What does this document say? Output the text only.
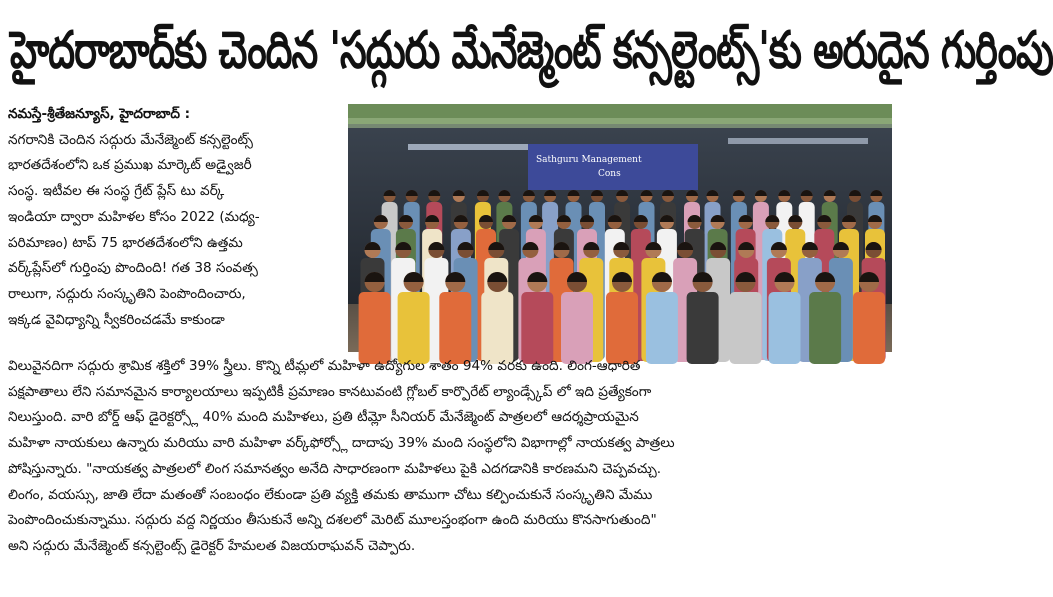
హైదరాబాద్‌కు చెందిన 'సద్గురు మేనేజ్మెంట్ కన్సల్టెంట్స్'కు అరుదైన గుర్తింపు

నమస్తే-శ్రీతేజన్యూస్, హైదరాబాద్ :

నగరానికి చెందిన సద్గురు మేనేజ్మెంట్ కన్సల్టెంట్స్

భారతదేశంలోని ఒక ప్రముఖ మార్కెట్ అడ్వైజరీ

సంస్థ. ఇటీవల ఈ సంస్థ గ్రేట్ ప్లేస్ టు వర్క్

ఇండియా ద్వారా మహిళల కోసం 2022 (మధ్య-

పరిమాణం) టాప్ 75 భారతదేశంలోని ఉత్తమ

వర్క్‌ప్లేస్‌లో గుర్తింపు పొందింది! గత 38 సంవత్స

రాలుగా, సద్గురు సంస్కృతిని పెంపొందించారు,

ఇక్కడ వైవిధ్యాన్ని స్వీకరించడమే కాకుండా

Sathguru Management
Cons

విలువైనదిగా సద్గురు శ్రామిక శక్తిలో 39% స్త్రీలు. కొన్ని టీమ్లలో మహిళా ఉద్యోగుల శాతం 94% వరకు ఉంది. లింగ-ఆధారిత

పక్షపాతాలు లేని సమానమైన కార్యాలయాలు ఇప్పటికీ ప్రమాణం కానటువంటి గ్లోబల్ కార్పొరేట్ ల్యాండ్స్కేప్ లో ఇది ప్రత్యేకంగా

నిలుస్తుంది. వారి బోర్డ్ ఆఫ్ డైరెక్టర్స్లో 40% మంది మహిళలు, ప్రతి టీమ్లో సీనియర్ మేనేజ్మెంట్ పాత్రలలో ఆదర్శప్రాయమైన

మహిళా నాయకులు ఉన్నారు మరియు వారి మహిళా వర్క్‌ఫోర్స్లో దాదాపు 39% మంది సంస్థలోని విభాగాల్లో నాయకత్వ పాత్రలు

పోషిస్తున్నారు. "నాయకత్వ పాత్రలలో లింగ సమానత్వం అనేది సాధారణంగా మహిళలు పైకి ఎదగడానికి కారణమని చెప్పవచ్చు.

లింగం, వయస్సు, జాతి లేదా మతంతో సంబంధం లేకుండా ప్రతి వ్యక్తి తమకు తాముగా చోటు కల్పించుకునే సంస్కృతిని మేము

పెంపొందించుకున్నాము. సద్గురు వద్ద నిర్ణయం తీసుకునే అన్ని దశలలో మెరిట్ మూలస్తంభంగా ఉంది మరియు కొనసాగుతుంది"

అని సద్గురు మేనేజ్మెంట్ కన్సల్టెంట్స్ డైరెక్టర్ హేమలత విజయరాఘవన్ చెప్పారు.
